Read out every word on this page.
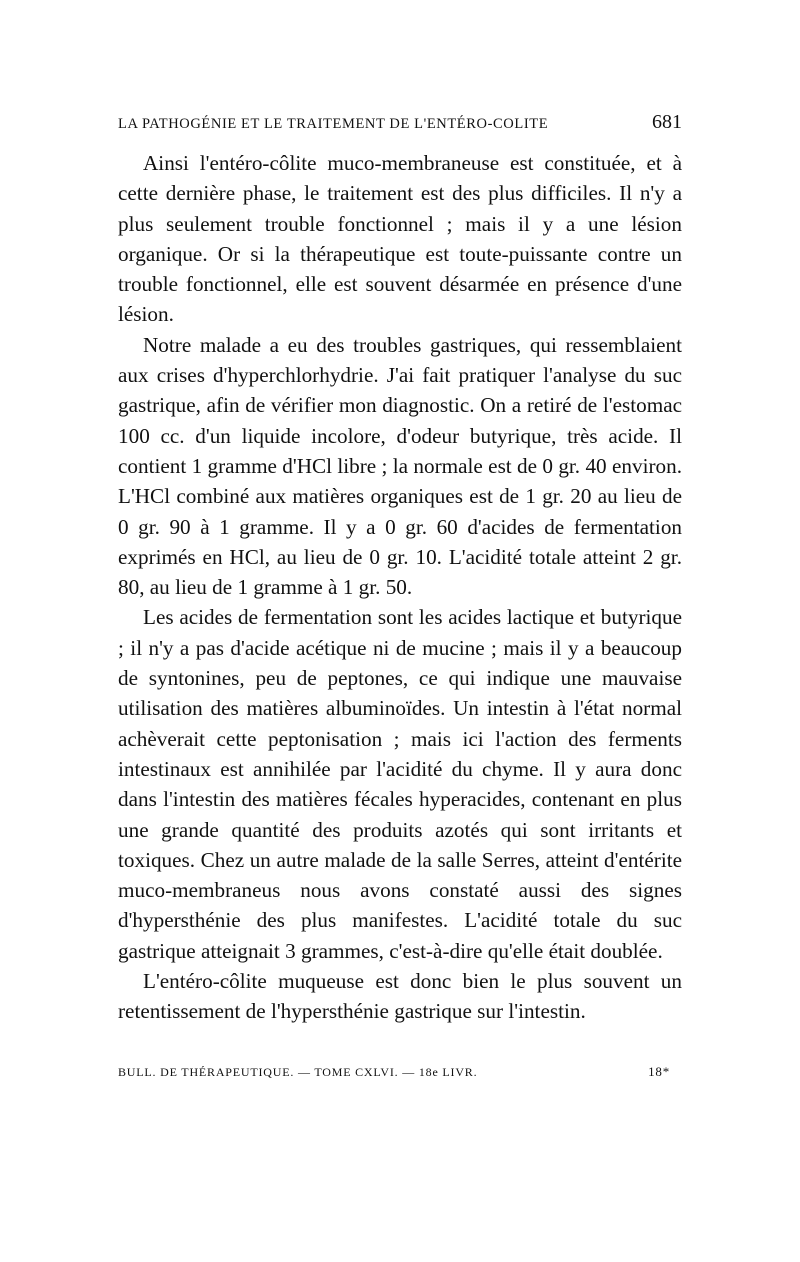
LA PATHOGÉNIE ET LE TRAITEMENT DE L'ENTÉRO-COLITE	681

Ainsi l'entéro-côlite muco-membraneuse est constituée, et à cette dernière phase, le traitement est des plus difficiles. Il n'y a plus seulement trouble fonctionnel ; mais il y a une lésion organique. Or si la thérapeutique est toute-puissante contre un trouble fonctionnel, elle est souvent désarmée en présence d'une lésion.

Notre malade a eu des troubles gastriques, qui ressemblaient aux crises d'hyperchlorhydrie. J'ai fait pratiquer l'analyse du suc gastrique, afin de vérifier mon diagnostic. On a retiré de l'estomac 100 cc. d'un liquide incolore, d'odeur butyrique, très acide. Il contient 1 gramme d'HCl libre ; la normale est de 0 gr. 40 environ. L'HCl combiné aux matières organiques est de 1 gr. 20 au lieu de 0 gr. 90 à 1 gramme. Il y a 0 gr. 60 d'acides de fermentation exprimés en HCl, au lieu de 0 gr. 10. L'acidité totale atteint 2 gr. 80, au lieu de 1 gramme à 1 gr. 50.

Les acides de fermentation sont les acides lactique et butyrique ; il n'y a pas d'acide acétique ni de mucine ; mais il y a beaucoup de syntonines, peu de peptones, ce qui indique une mauvaise utilisation des matières albuminoïdes. Un intestin à l'état normal achèverait cette peptonisation ; mais ici l'action des ferments intestinaux est annihilée par l'acidité du chyme. Il y aura donc dans l'intestin des matières fécales hyperacides, contenant en plus une grande quantité des produits azotés qui sont irritants et toxiques. Chez un autre malade de la salle Serres, atteint d'entérite muco-membraneus nous avons constaté aussi des signes d'hypersthénie des plus manifestes. L'acidité totale du suc gastrique atteignait 3 grammes, c'est-à-dire qu'elle était doublée.

L'entéro-côlite muqueuse est donc bien le plus souvent un retentissement de l'hypersthénie gastrique sur l'intestin.

BULL. DE THÉRAPEUTIQUE. — TOME CXLVI. — 18e LIVR.	18*
